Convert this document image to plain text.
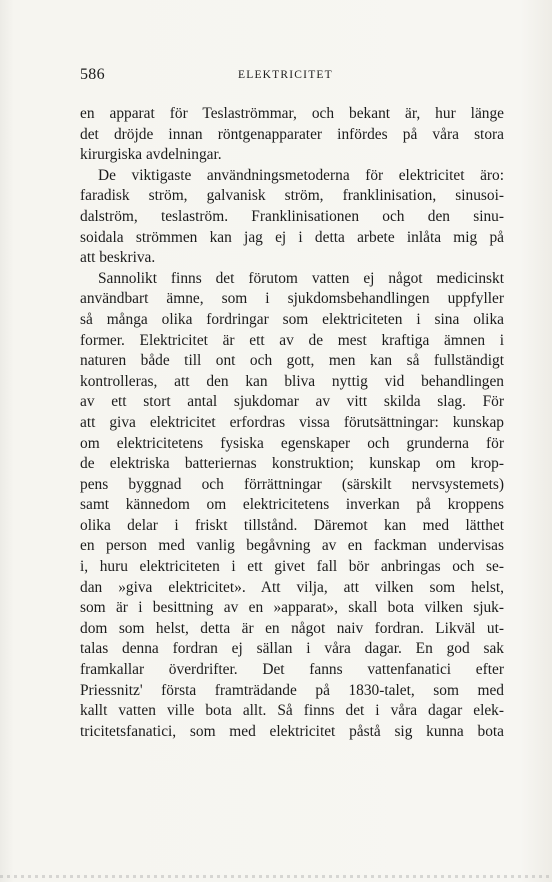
586	ELEKTRICITET
en apparat för Teslaströmmar, och bekant är, hur länge
det dröjde innan röntgenapparater infördes på våra stora
kirurgiska avdelningar.
De viktigaste användningsmetoderna för elektricitet äro:
faradisk ström, galvanisk ström, franklinisation, sinusoi-
dalström, teslaström. Franklinisationen och den sinu-
soidala strömmen kan jag ej i detta arbete inlåta mig på
att beskriva.
Sannolikt finns det förutom vatten ej något medicinskt
användbart ämne, som i sjukdomsbehandlingen uppfyller
så många olika fordringar som elektriciteten i sina olika
former. Elektricitet är ett av de mest kraftiga ämnen i
naturen både till ont och gott, men kan så fullständigt
kontrolleras, att den kan bliva nyttig vid behandlingen
av ett stort antal sjukdomar av vitt skilda slag. För
att giva elektricitet erfordras vissa förutsättningar: kunskap
om elektricitetens fysiska egenskaper och grunderna för
de elektriska batteriernas konstruktion; kunskap om krop-
pens byggnad och förrättningar (särskilt nervsystemets)
samt kännedom om elektricitetens inverkan på kroppens
olika delar i friskt tillstånd. Däremot kan med lätthet
en person med vanlig begåvning av en fackman undervisas
i, huru elektriciteten i ett givet fall bör anbringas och se-
dan »giva elektricitet». Att vilja, att vilken som helst,
som är i besittning av en »apparat», skall bota vilken sjuk-
dom som helst, detta är en något naiv fordran. Likväl ut-
talas denna fordran ej sällan i våra dagar. En god sak
framkallar överdrifter. Det fanns vattenfanatici efter
Priessnitz' första framträdande på 1830-talet, som med
kallt vatten ville bota allt. Så finns det i våra dagar elek-
tricitetsfanatici, som med elektricitet påstå sig kunna bota
